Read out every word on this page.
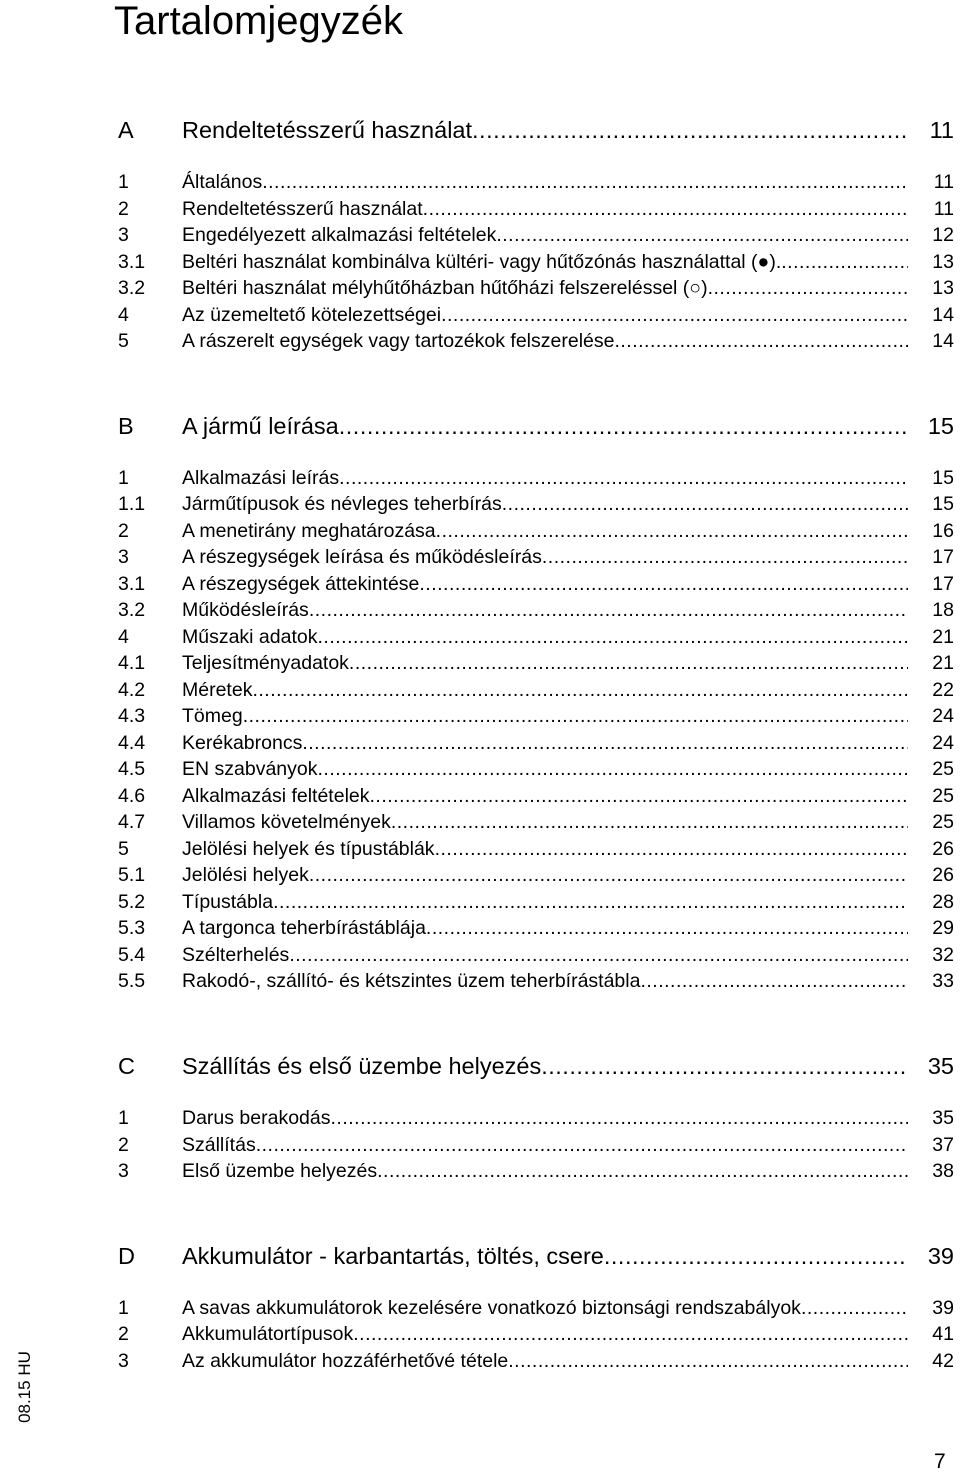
Tartalomjegyzék
A	Rendeltetésszerű használat .....	11
1	Általános .....	11
2	Rendeltetésszerű használat .....	11
3	Engedélyezett alkalmazási feltételek .....	12
3.1	Beltéri használat kombinálva kültéri- vagy hűtőzónás használattal (●). .....	13
3.2	Beltéri használat mélyhűtőházban hűtőházi felszereléssel (○) .....	13
4	Az üzemeltető kötelezettségei .....	14
5	A rászerelt egységek vagy tartozékok felszerelése .....	14
B	A jármű leírása .....	15
1	Alkalmazási leírás .....	15
1.1	Járműtípusok és névleges teherbírás .....	15
2	A menetirány meghatározása .....	16
3	A részegységek leírása és működésleírás .....	17
3.1	A részegységek áttekintése .....	17
3.2	Működésleírás .....	18
4	Műszaki adatok .....	21
4.1	Teljesítményadatok .....	21
4.2	Méretek .....	22
4.3	Tömeg .....	24
4.4	Kerékabroncs .....	24
4.5	EN szabványok .....	25
4.6	Alkalmazási feltételek .....	25
4.7	Villamos követelmények .....	25
5	Jelölési helyek és típustáblák .....	26
5.1	Jelölési helyek .....	26
5.2	Típustábla .....	28
5.3	A targonca teherbírástáblája .....	29
5.4	Szélterhelés .....	32
5.5	Rakodó-, szállító- és kétszintes üzem teherbírástábla .....	33
C	Szállítás és első üzembe helyezés .....	35
1	Darus berakodás .....	35
2	Szállítás .....	37
3	Első üzembe helyezés .....	38
D	Akkumulátor - karbantartás, töltés, csere .....	39
1	A savas akkumulátorok kezelésére vonatkozó biztonsági rendszabályok .....	39
2	Akkumulátortípusok .....	41
3	Az akkumulátor hozzáférhetővé tétele .....	42
08.15 HU
7
